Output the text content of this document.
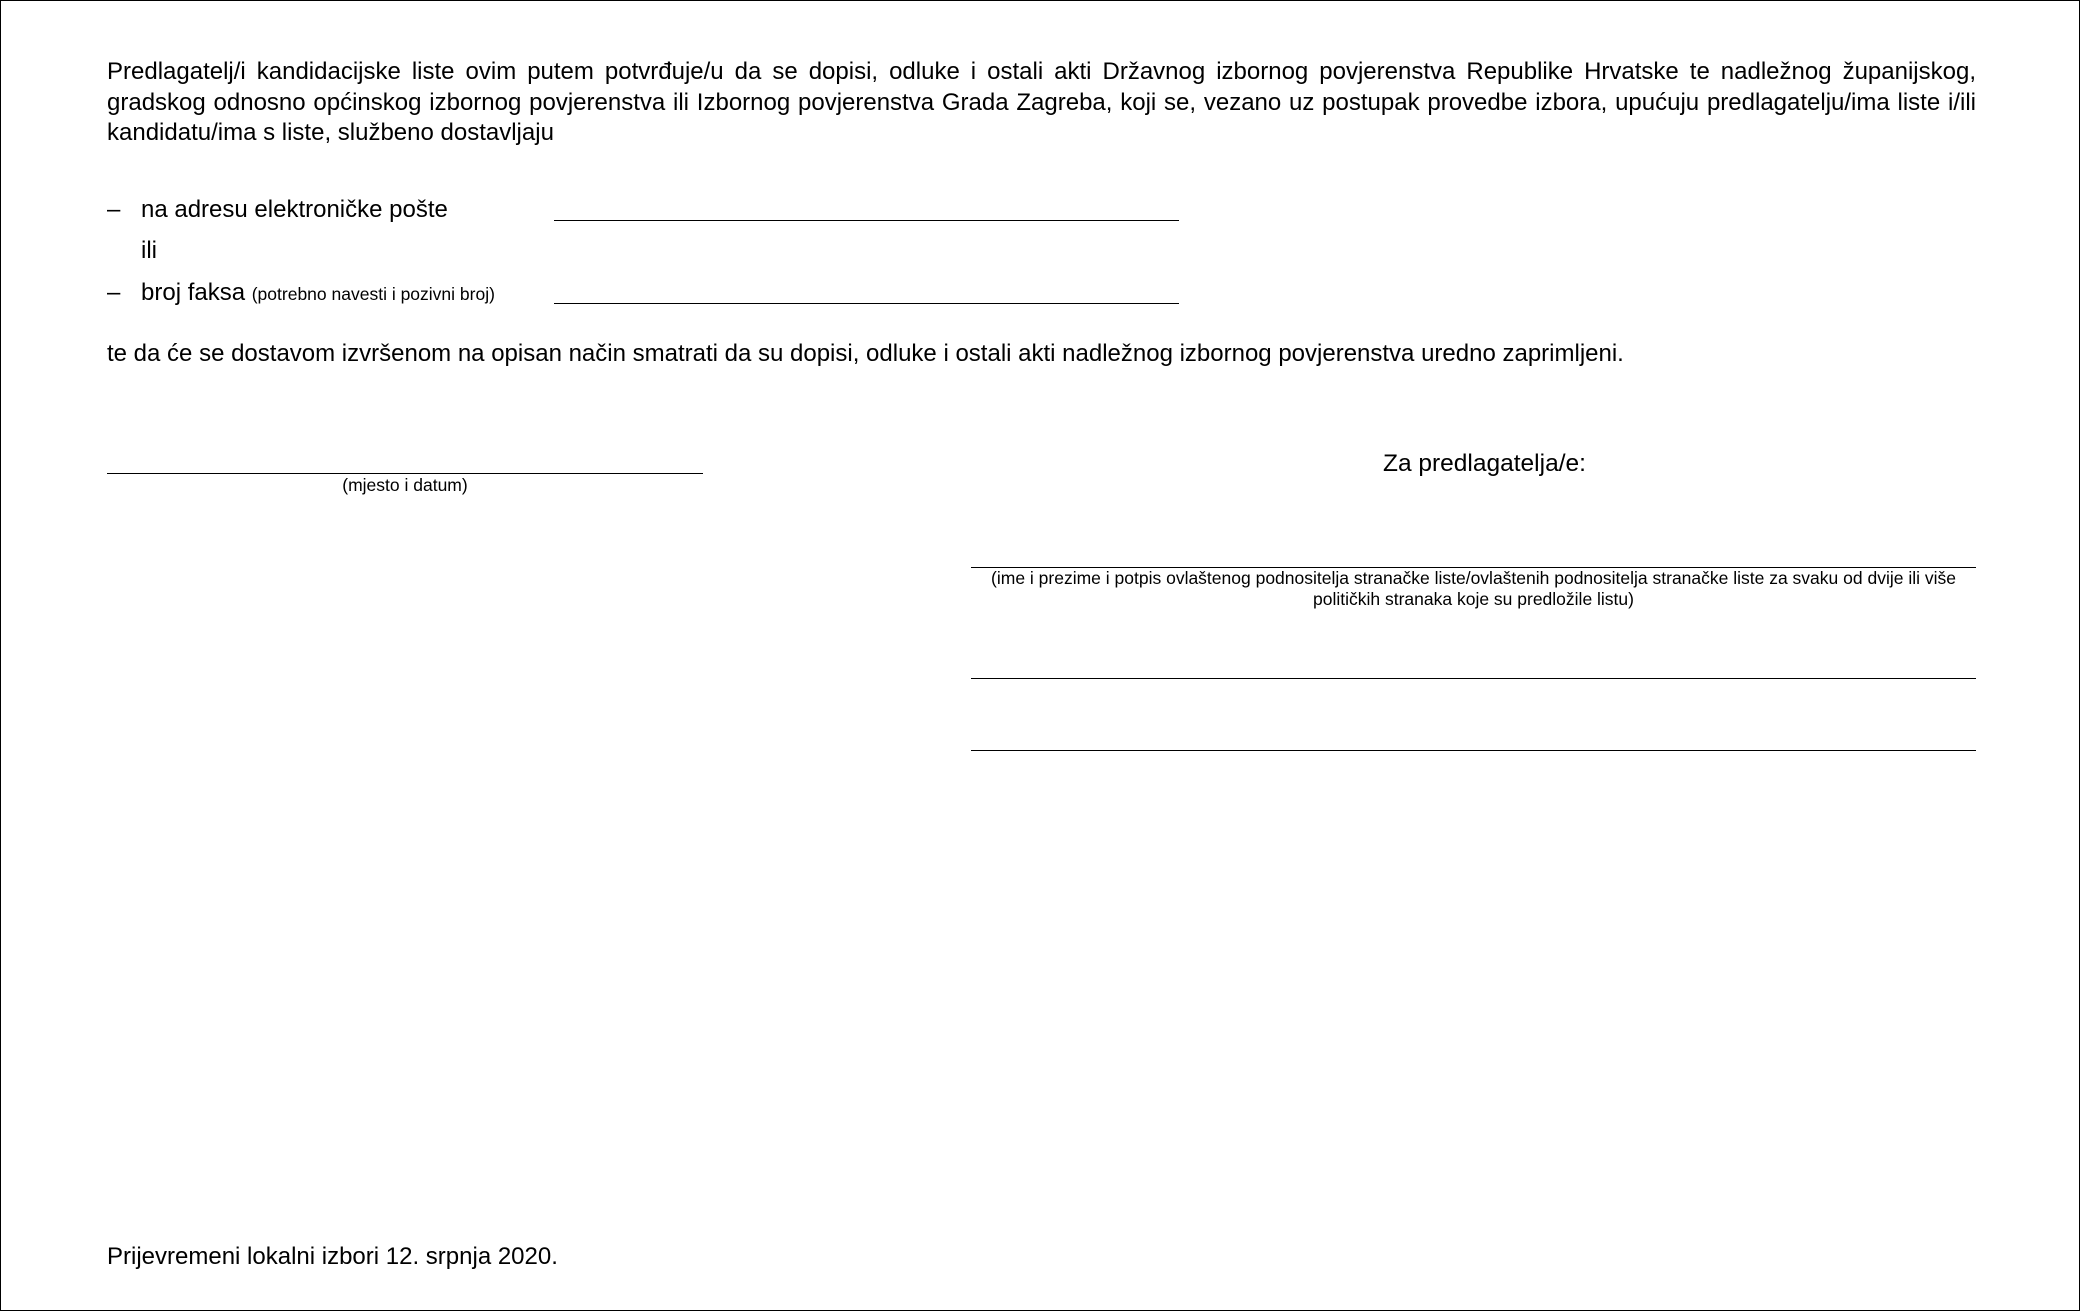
Predlagatelj/i kandidacijske liste ovim putem potvrđuje/u da se dopisi, odluke i ostali akti Državnog izbornog povjerenstva Republike Hrvatske te nadležnog županijskog, gradskog odnosno općinskog izbornog povjerenstva ili Izbornog povjerenstva Grada Zagreba, koji se, vezano uz postupak provedbe izbora, upućuju predlagatelju/ima liste i/ili kandidatu/ima s liste, službeno dostavljaju

– na adresu elektroničke pošte
ili
– broj faksa (potrebno navesti i pozivni broj)
te da će se dostavom izvršenom na opisan način smatrati da su dopisi, odluke i ostali akti nadležnog izbornog povjerenstva uredno zaprimljeni.
(mjesto i datum)
Za predlagatelja/e:
(ime i prezime i potpis ovlaštenog podnositelja stranačke liste/ovlaštenih podnositelja stranačke liste za svaku od dvije ili više političkih stranaka koje su predložile listu)
Prijevremeni lokalni izbori 12. srpnja 2020.
